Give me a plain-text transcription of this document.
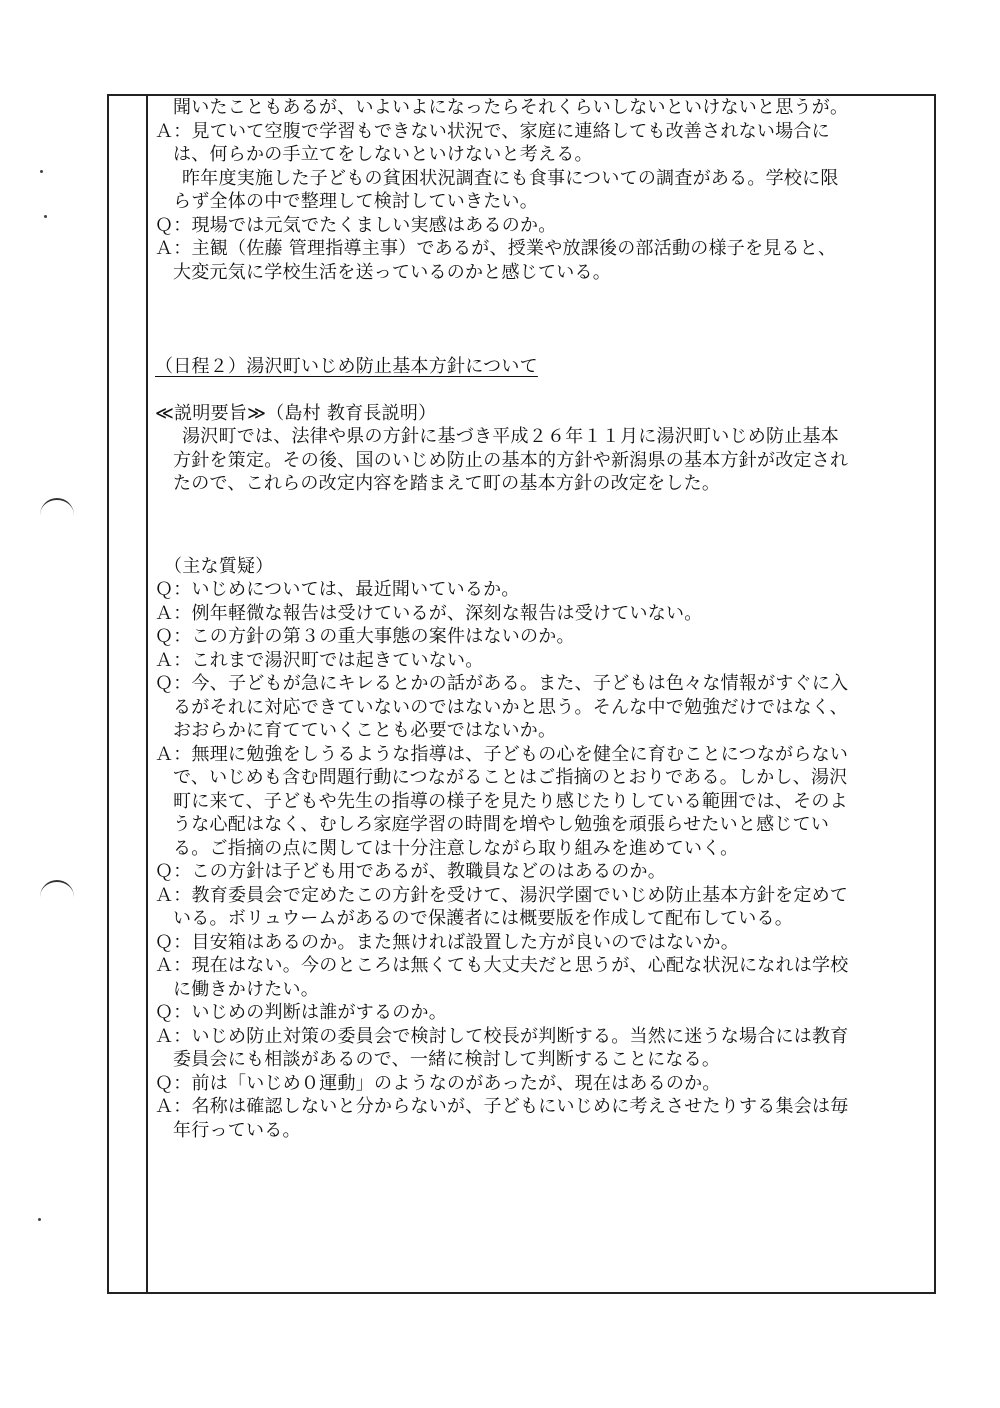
聞いたこともあるが、いよいよになったらそれくらいしないといけないと思うが。
Ａ：見ていて空腹で学習もできない状況で、家庭に連絡しても改善されない場合に
は、何らかの手立てをしないといけないと考える。
昨年度実施した子どもの貧困状況調査にも食事についての調査がある。学校に限
らず全体の中で整理して検討していきたい。
Ｑ：現場では元気でたくましい実感はあるのか。
Ａ：主観（佐藤 管理指導主事）であるが、授業や放課後の部活動の様子を見ると、
大変元気に学校生活を送っているのかと感じている。
（日程２）湯沢町いじめ防止基本方針について
≪説明要旨≫（島村 教育長説明）
湯沢町では、法律や県の方針に基づき平成２６年１１月に湯沢町いじめ防止基本
方針を策定。その後、国のいじめ防止の基本的方針や新潟県の基本方針が改定され
たので、これらの改定内容を踏まえて町の基本方針の改定をした。
（主な質疑）
Ｑ：いじめについては、最近聞いているか。
Ａ：例年軽微な報告は受けているが、深刻な報告は受けていない。
Ｑ：この方針の第３の重大事態の案件はないのか。
Ａ：これまで湯沢町では起きていない。
Ｑ：今、子どもが急にキレるとかの話がある。また、子どもは色々な情報がすぐに入
るがそれに対応できていないのではないかと思う。そんな中で勉強だけではなく、
おおらかに育てていくことも必要ではないか。
Ａ：無理に勉強をしうるような指導は、子どもの心を健全に育むことにつながらない
で、いじめも含む問題行動につながることはご指摘のとおりである。しかし、湯沢
町に来て、子どもや先生の指導の様子を見たり感じたりしている範囲では、そのよ
うな心配はなく、むしろ家庭学習の時間を増やし勉強を頑張らせたいと感じてい
る。ご指摘の点に関しては十分注意しながら取り組みを進めていく。
Ｑ：この方針は子ども用であるが、教職員などのはあるのか。
Ａ：教育委員会で定めたこの方針を受けて、湯沢学園でいじめ防止基本方針を定めて
いる。ボリュウームがあるので保護者には概要版を作成して配布している。
Ｑ：目安箱はあるのか。また無ければ設置した方が良いのではないか。
Ａ：現在はない。今のところは無くても大丈夫だと思うが、心配な状況になれは学校
に働きかけたい。
Ｑ：いじめの判断は誰がするのか。
Ａ：いじめ防止対策の委員会で検討して校長が判断する。当然に迷うな場合には教育
委員会にも相談があるので、一緒に検討して判断することになる。
Ｑ：前は「いじめ０運動」のようなのがあったが、現在はあるのか。
Ａ：名称は確認しないと分からないが、子どもにいじめに考えさせたりする集会は毎
年行っている。
